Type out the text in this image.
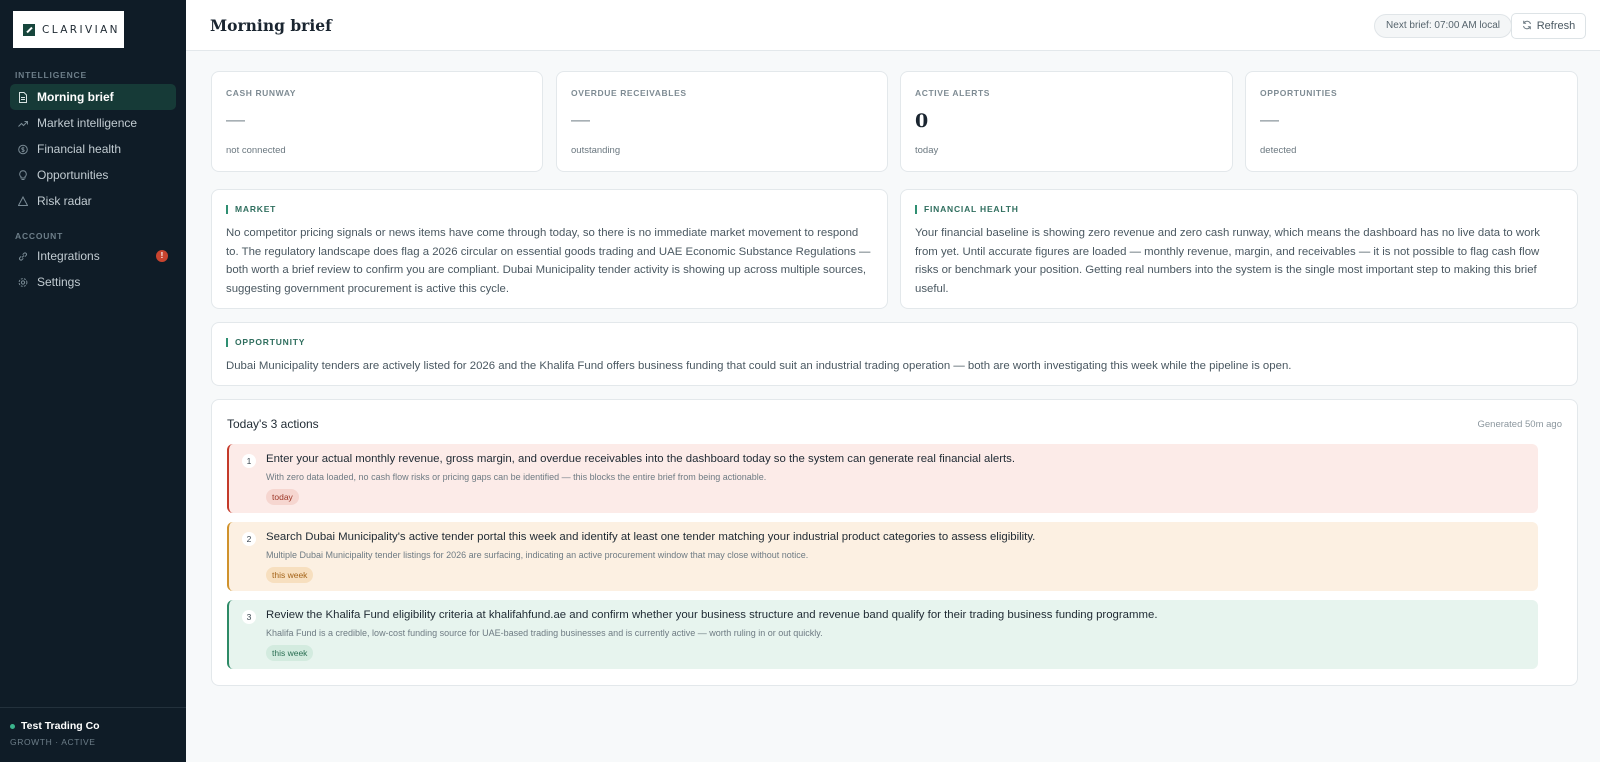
CLARIVIAN
INTELLIGENCE
Morning brief
Market intelligence
Financial health
Opportunities
Risk radar
ACCOUNT
Integrations	!
Settings
Test Trading Co
GROWTH · ACTIVE
Morning brief	Next brief: 07:00 AM local	Refresh
CASH RUNWAY
—
not connected
OVERDUE RECEIVABLES
—
outstanding
ACTIVE ALERTS
0
today
OPPORTUNITIES
—
detected
MARKET

No competitor pricing signals or news items have come through today, so there is no immediate market movement to respond to. The regulatory landscape does flag a 2026 circular on essential goods trading and UAE Economic Substance Regulations — both worth a brief review to confirm you are compliant. Dubai Municipality tender activity is showing up across multiple sources, suggesting government procurement is active this cycle.

FINANCIAL HEALTH

Your financial baseline is showing zero revenue and zero cash runway, which means the dashboard has no live data to work from yet. Until accurate figures are loaded — monthly revenue, margin, and receivables — it is not possible to flag cash flow risks or benchmark your position. Getting real numbers into the system is the single most important step to making this brief useful.

OPPORTUNITY

Dubai Municipality tenders are actively listed for 2026 and the Khalifa Fund offers business funding that could suit an industrial trading operation — both are worth investigating this week while the pipeline is open.

Today's 3 actions	Generated 50m ago
1	Enter your actual monthly revenue, gross margin, and overdue receivables into the dashboard today so the system can generate real financial alerts.
With zero data loaded, no cash flow risks or pricing gaps can be identified — this blocks the entire brief from being actionable.
today
2	Search Dubai Municipality's active tender portal this week and identify at least one tender matching your industrial product categories to assess eligibility.
Multiple Dubai Municipality tender listings for 2026 are surfacing, indicating an active procurement window that may close without notice.
this week
3	Review the Khalifa Fund eligibility criteria at khalifahfund.ae and confirm whether your business structure and revenue band qualify for their trading business funding programme.
Khalifa Fund is a credible, low-cost funding source for UAE-based trading businesses and is currently active — worth ruling in or out quickly.
this week
